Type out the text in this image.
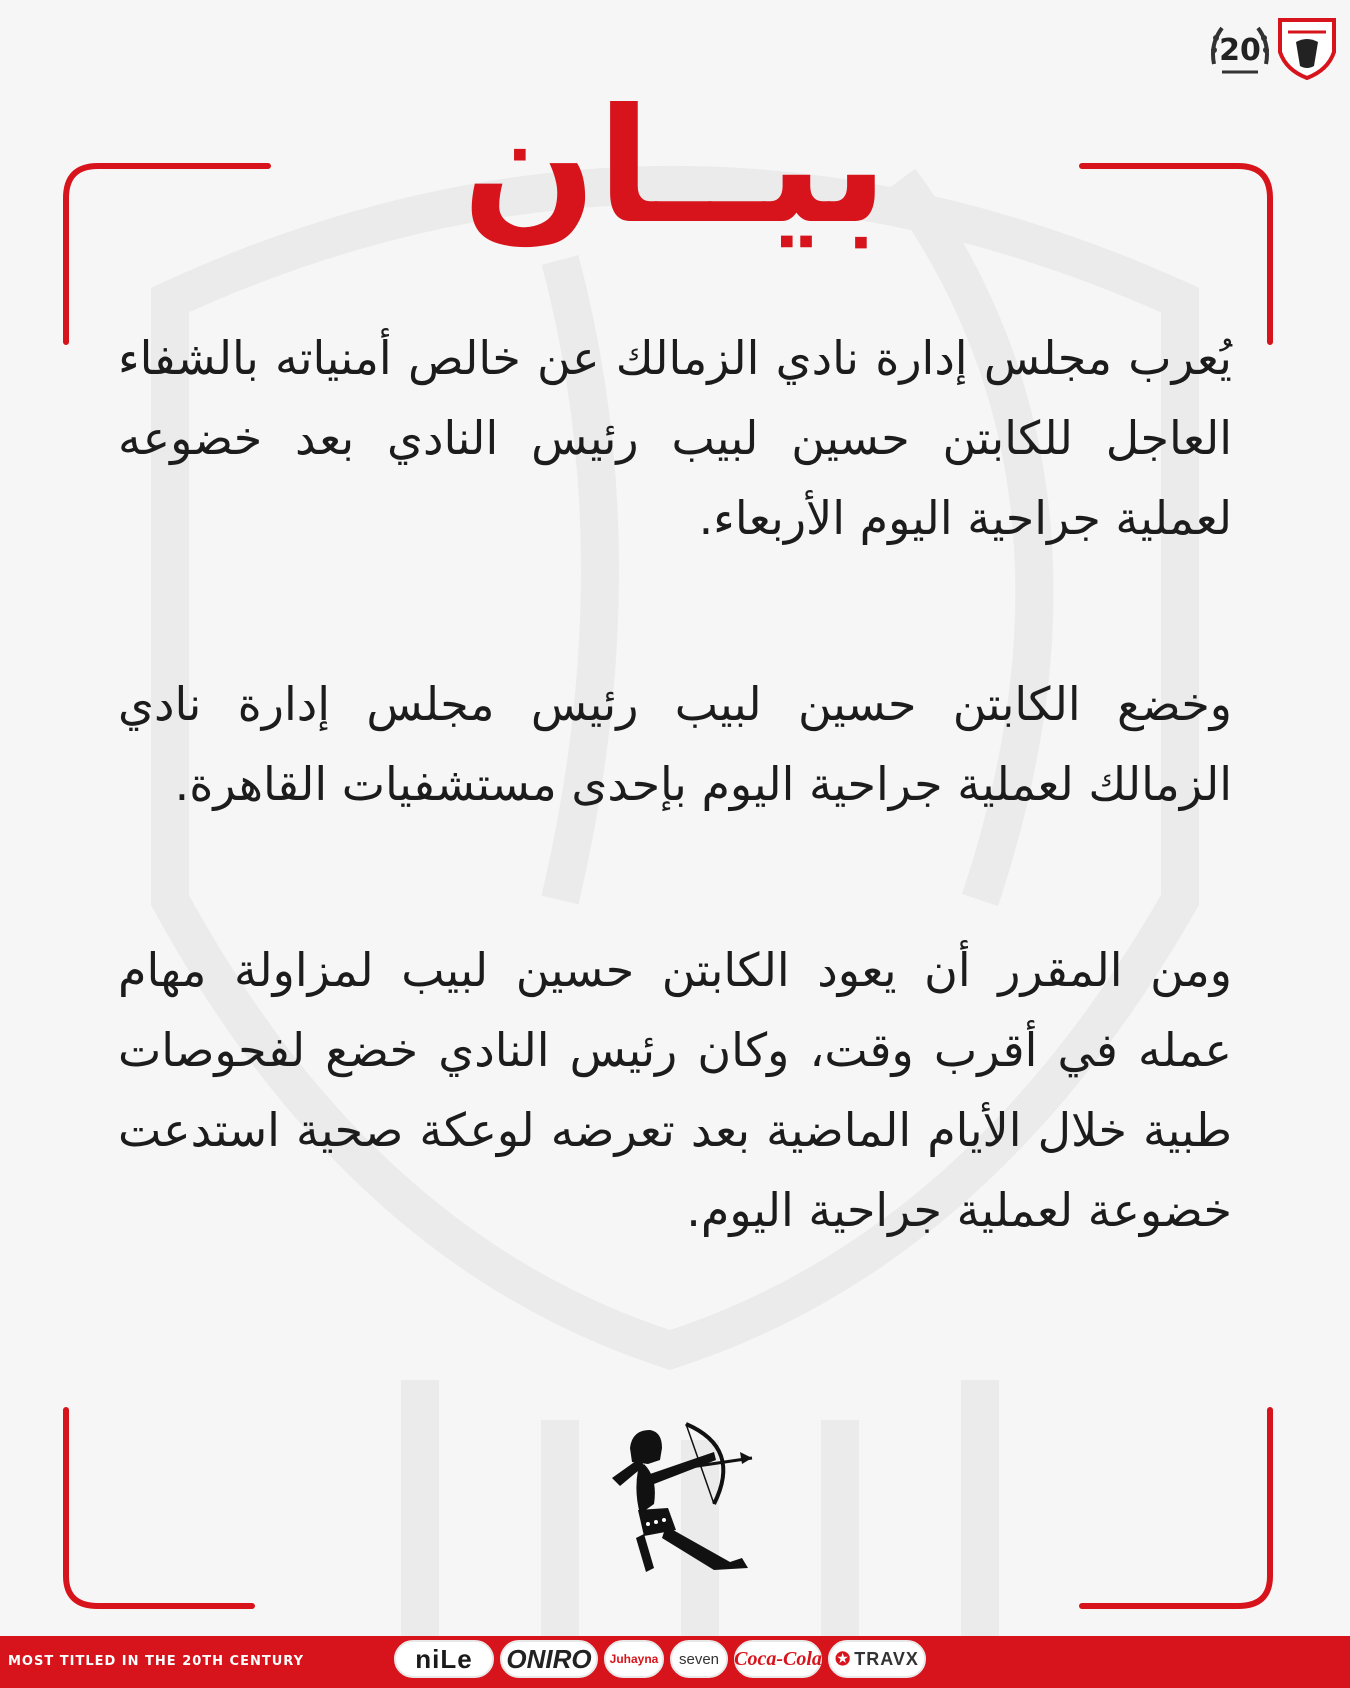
20
بيــان

يُعرب مجلس إدارة نادي الزمالك عن خالص أمنياته بالشفاء العاجل للكابتن حسين لبيب رئيس النادي بعد خضوعه لعملية جراحية اليوم الأربعاء.

وخضع الكابتن حسين لبيب رئيس مجلس إدارة نادي الزمالك لعملية جراحية اليوم بإحدى مستشفيات القاهرة.

ومن المقرر أن يعود الكابتن حسين لبيب لمزاولة مهام عمله في أقرب وقت، وكان رئيس النادي خضع لفحوصات طبية خلال الأيام الماضية بعد تعرضه لوعكة صحية استدعت خضوعة لعملية جراحية اليوم.

MOST TITLED IN THE 20TH CENTURY	niLe ONIRO Juhayna seven Coca-Cola ✪ TRAVX
